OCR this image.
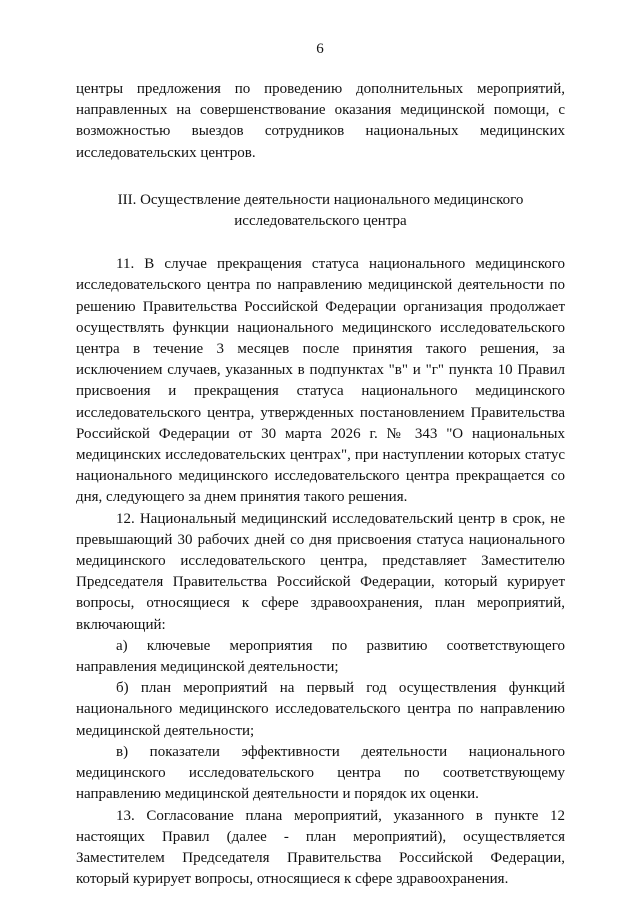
6

центры предложения по проведению дополнительных мероприятий, направленных на совершенствование оказания медицинской помощи, с возможностью выездов сотрудников национальных медицинских исследовательских центров.

III. Осуществление деятельности национального медицинского
исследовательского центра

11. В случае прекращения статуса национального медицинского исследовательского центра по направлению медицинской деятельности по решению Правительства Российской Федерации организация продолжает осуществлять функции национального медицинского исследовательского центра в течение 3 месяцев после принятия такого решения, за исключением случаев, указанных в подпунктах "в" и "г" пункта 10 Правил присвоения и прекращения статуса национального медицинского исследовательского центра, утвержденных постановлением Правительства Российской Федерации от 30 марта 2026 г. № 343 "О национальных медицинских исследовательских центрах", при наступлении которых статус национального медицинского исследовательского центра прекращается со дня, следующего за днем принятия такого решения.

12. Национальный медицинский исследовательский центр в срок, не превышающий 30 рабочих дней со дня присвоения статуса национального медицинского исследовательского центра, представляет Заместителю Председателя Правительства Российской Федерации, который курирует вопросы, относящиеся к сфере здравоохранения, план мероприятий, включающий:

а) ключевые мероприятия по развитию соответствующего направления медицинской деятельности;

б) план мероприятий на первый год осуществления функций национального медицинского исследовательского центра по направлению медицинской деятельности;

в) показатели эффективности деятельности национального медицинского исследовательского центра по соответствующему направлению медицинской деятельности и порядок их оценки.

13. Согласование плана мероприятий, указанного в пункте 12 настоящих Правил (далее - план мероприятий), осуществляется Заместителем Председателя Правительства Российской Федерации, который курирует вопросы, относящиеся к сфере здравоохранения.
